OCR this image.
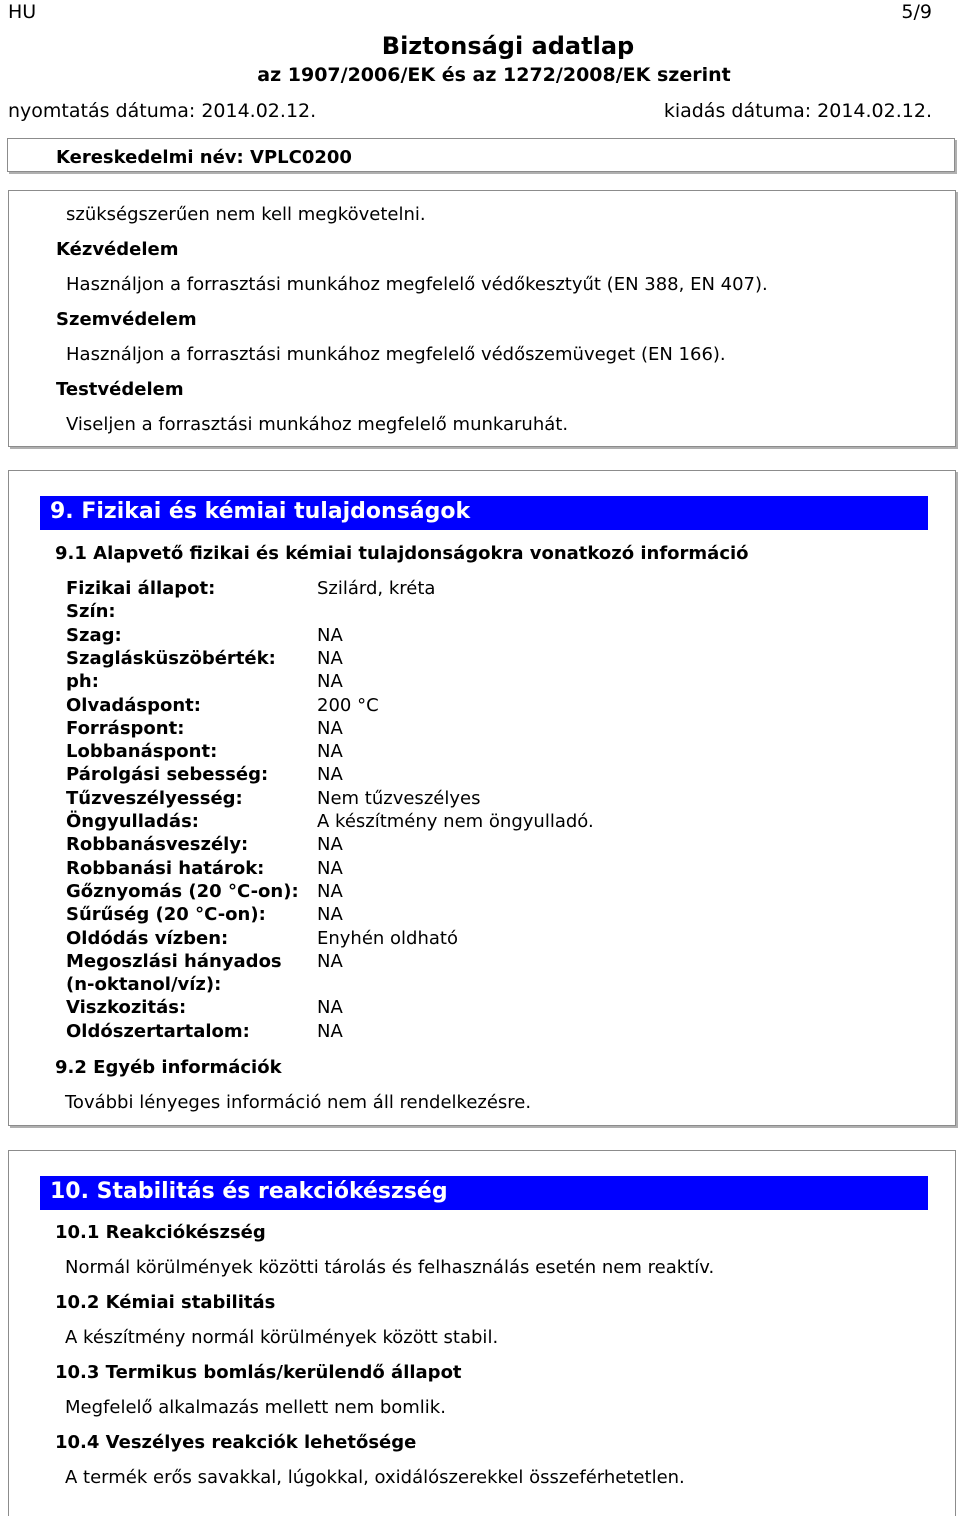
HU	5/9
Biztonsági adatlap
az 1907/2006/EK és az 1272/2008/EK szerint
nyomtatás dátuma: 2014.02.12.	kiadás dátuma: 2014.02.12.
Kereskedelmi név: VPLC0200
szükségszerűen nem kell megkövetelni.
Kézvédelem
Használjon a forrasztási munkához megfelelő védőkesztyűt (EN 388, EN 407).
Szemvédelem
Használjon a forrasztási munkához megfelelő védőszemüveget (EN 166).
Testvédelem
Viseljen a forrasztási munkához megfelelő munkaruhát.
9. Fizikai és kémiai tulajdonságok
9.1 Alapvető fizikai és kémiai tulajdonságokra vonatkozó információ
Fizikai állapot:	Szilárd, kréta
Szín:
Szag:	NA
Szaglásküszöbérték: NA
ph:	NA
Olvadáspont:	200 °C
Forráspont:	NA
Lobbanáspont:	NA
Párolgási sebesség:	NA
Tűzveszélyesség:	Nem tűzveszélyes
Öngyulladás:	A készítmény nem öngyulladó.
Robbanásveszély:	NA
Robbanási határok:	NA
Gőznyomás (20 °C-on): NA
Sűrűség (20 °C-on):	NA
Oldódás vízben:	Enyhén oldható
Megoszlási hányados NA
(n-oktanol/víz):
Viszkozitás:	NA
Oldószertartalom:	NA
9.2 Egyéb információk
További lényeges információ nem áll rendelkezésre.
10. Stabilitás és reakciókészség
10.1 Reakciókészség
Normál körülmények közötti tárolás és felhasználás esetén nem reaktív.
10.2 Kémiai stabilitás
A készítmény normál körülmények között stabil.
10.3 Termikus bomlás/kerülendő állapot
Megfelelő alkalmazás mellett nem bomlik.
10.4 Veszélyes reakciók lehetősége
A termék erős savakkal, lúgokkal, oxidálószerekkel összeférhetetlen.
